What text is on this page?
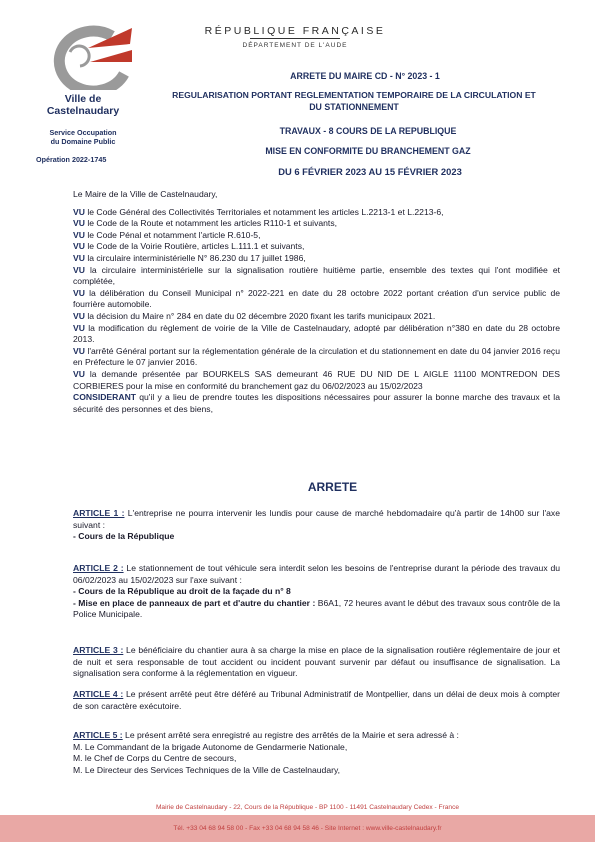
Ville de Castelnaudary
RÉPUBLIQUE FRANÇAISE
DÉPARTEMENT DE L'AUDE
Service Occupation
du Domaine Public
Opération 2022-1745
ARRETE DU MAIRE CD - N° 2023 - 1
REGULARISATION PORTANT REGLEMENTATION TEMPORAIRE DE LA CIRCULATION ET
DU STATIONNEMENT
TRAVAUX - 8 COURS DE LA REPUBLIQUE
MISE EN CONFORMITE DU BRANCHEMENT GAZ
DU 6 FÉVRIER 2023 AU 15 FÉVRIER 2023

Le Maire de la Ville de Castelnaudary,

VU le Code Général des Collectivités Territoriales et notamment les articles L.2213-1 et L.2213-6,

VU le Code de la Route et notamment les articles R110-1 et suivants,

VU le Code Pénal et notamment l'article R.610-5,

VU le Code de la Voirie Routière, articles L.111.1 et suivants,

VU la circulaire interministérielle N° 86.230 du 17 juillet 1986,

VU la circulaire interministérielle sur la signalisation routière huitième partie, ensemble des textes qui l'ont modifiée et complétée,

VU la délibération du Conseil Municipal n° 2022-221 en date du 28 octobre 2022 portant création d'un service public de fourrière automobile.

VU la décision du Maire n° 284 en date du 02 décembre 2020 fixant les tarifs municipaux 2021.

VU la modification du règlement de voirie de la Ville de Castelnaudary, adopté par délibération n°380 en date du 28 octobre 2013.

VU l'arrêté Général portant sur la réglementation générale de la circulation et du stationnement en date du 04 janvier 2016 reçu en Préfecture le 07 janvier 2016.

VU la demande présentée par BOURKELS SAS demeurant 46 RUE DU NID DE L AIGLE 11100 MONTREDON DES CORBIERES pour la mise en conformité du branchement gaz du 06/02/2023 au 15/02/2023

CONSIDERANT qu'il y a lieu de prendre toutes les dispositions nécessaires pour assurer la bonne marche des travaux et la sécurité des personnes et des biens,

ARRETE

ARTICLE 1 : L'entreprise ne pourra intervenir les lundis pour cause de marché hebdomadaire qu'à partir de 14h00 sur l'axe suivant :

- Cours de la République

ARTICLE 2 : Le stationnement de tout véhicule sera interdit selon les besoins de l'entreprise durant la période des travaux du 06/02/2023 au 15/02/2023 sur l'axe suivant :

- Cours de la République au droit de la façade du n° 8

- Mise en place de panneaux de part et d'autre du chantier : B6A1, 72 heures avant le début des travaux sous contrôle de la Police Municipale.

ARTICLE 3 : Le bénéficiaire du chantier aura à sa charge la mise en place de la signalisation routière réglementaire de jour et de nuit et sera responsable de tout accident ou incident pouvant survenir par défaut ou insuffisance de signalisation. La signalisation sera conforme à la réglementation en vigueur.

ARTICLE 4 : Le présent arrêté peut être déféré au Tribunal Administratif de Montpellier, dans un délai de deux mois à compter de son caractère exécutoire.

ARTICLE 5 : Le présent arrêté sera enregistré au registre des arrêtés de la Mairie et sera adressé à :

M. Le Commandant de la brigade Autonome de Gendarmerie Nationale,

M. le Chef de Corps du Centre de secours,

M. Le Directeur des Services Techniques de la Ville de Castelnaudary,

Mairie de Castelnaudary - 22, Cours de la République - BP 1100 - 11491 Castelnaudary Cedex - France
Tél. +33 04 68 94 58 00 - Fax +33 04 68 94 58 46 - Site Internet : www.ville-castelnaudary.fr
